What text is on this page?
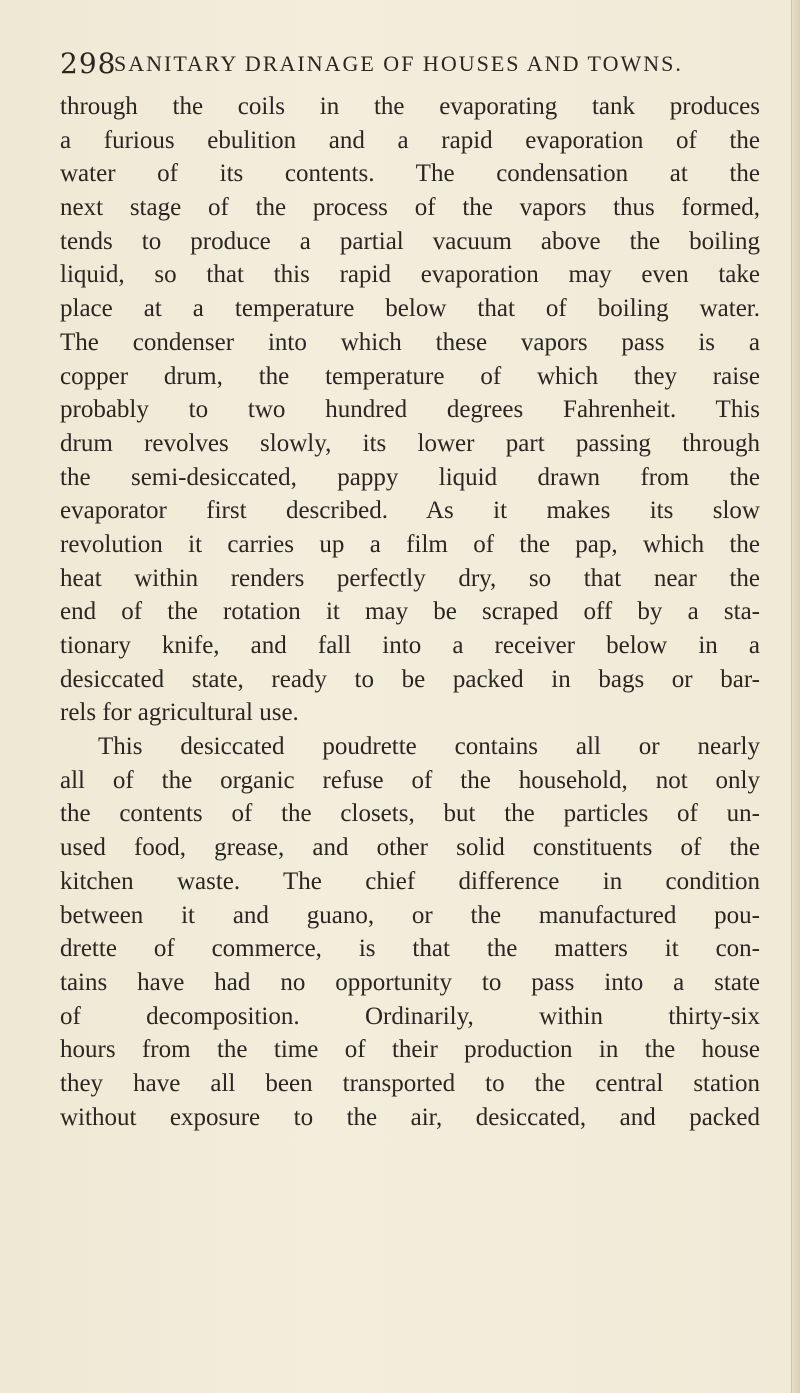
298
SANITARY DRAINAGE OF HOUSES AND TOWNS.
through the coils in the evaporating tank produces
a furious ebulition and a rapid evaporation of the
water of its contents. The condensation at the
next stage of the process of the vapors thus formed,
tends to produce a partial vacuum above the boiling
liquid, so that this rapid evaporation may even take
place at a temperature below that of boiling water.
The condenser into which these vapors pass is a
copper drum, the temperature of which they raise
probably to two hundred degrees Fahrenheit. This
drum revolves slowly, its lower part passing through
the semi-desiccated, pappy liquid drawn from the
evaporator first described. As it makes its slow
revolution it carries up a film of the pap, which the
heat within renders perfectly dry, so that near the
end of the rotation it may be scraped off by a sta-
tionary knife, and fall into a receiver below in a
desiccated state, ready to be packed in bags or bar-
rels for agricultural use.
This desiccated poudrette contains all or nearly
all of the organic refuse of the household, not only
the contents of the closets, but the particles of un-
used food, grease, and other solid constituents of the
kitchen waste. The chief difference in condition
between it and guano, or the manufactured pou-
drette of commerce, is that the matters it con-
tains have had no opportunity to pass into a state
of decomposition. Ordinarily, within thirty-six
hours from the time of their production in the house
they have all been transported to the central station
without exposure to the air, desiccated, and packed
